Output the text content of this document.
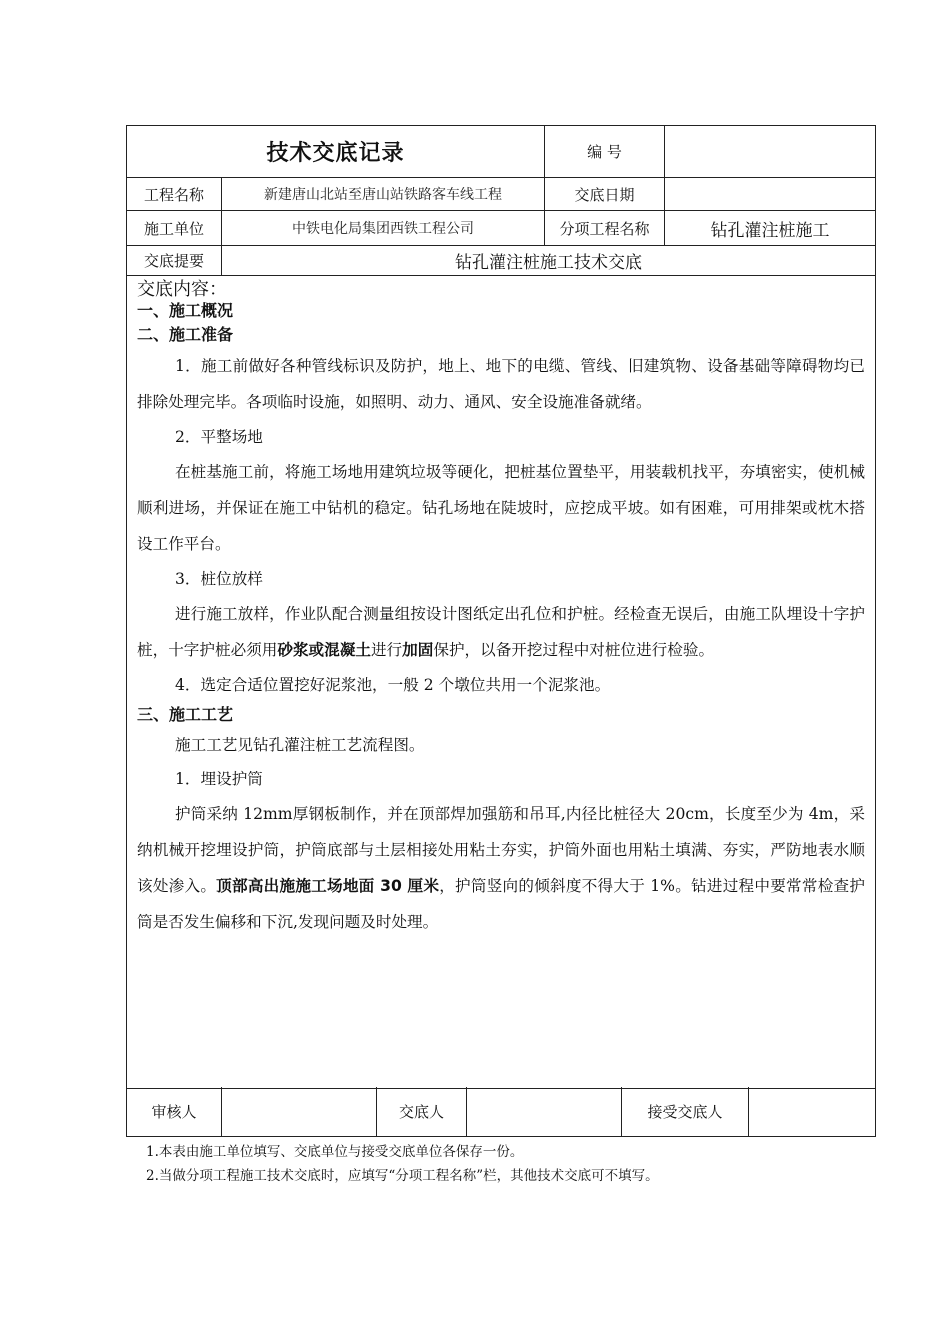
技术交底记录	编 号
工程名称	新建唐山北站至唐山站铁路客车线工程	交底日期
施工单位	中铁电化局集团西铁工程公司	分项工程名称	钻孔灌注桩施工
交底提要	钻孔灌注桩施工技术交底
交底内容：
一、施工概况
二、施工准备

1．施工前做好各种管线标识及防护，地上、地下的电缆、管线、旧建筑物、设备基础等障碍物均已排除处理完毕。各项临时设施，如照明、动力、通风、安全设施准备就绪。

2．平整场地

在桩基施工前，将施工场地用建筑垃圾等硬化，把桩基位置垫平，用装载机找平，夯填密实，使机械顺利进场，并保证在施工中钻机的稳定。钻孔场地在陡坡时，应挖成平坡。如有困难，可用排架或枕木搭设工作平台。

3．桩位放样

进行施工放样，作业队配合测量组按设计图纸定出孔位和护桩。经检查无误后，由施工队埋设十字护桩，十字护桩必须用砂浆或混凝土进行加固保护，以备开挖过程中对桩位进行检验。

4．选定合适位置挖好泥浆池，一般 2 个墩位共用一个泥浆池。

三、施工工艺

施工工艺见钻孔灌注桩工艺流程图。

1．埋设护筒

护筒采纳 12mm厚钢板制作，并在顶部焊加强筋和吊耳,内径比桩径大 20cm，长度至少为 4m，采纳机械开挖埋设护筒，护筒底部与土层相接处用粘土夯实，护筒外面也用粘土填满、夯实，严防地表水顺该处渗入。顶部高出施施工场地面 30 厘米，护筒竖向的倾斜度不得大于 1%。钻进过程中要常常检查护筒是否发生偏移和下沉,发现问题及时处理。

审核人	交底人	接受交底人
1.本表由施工单位填写、交底单位与接受交底单位各保存一份。
2.当做分项工程施工技术交底时，应填写“分项工程名称”栏，其他技术交底可不填写。
